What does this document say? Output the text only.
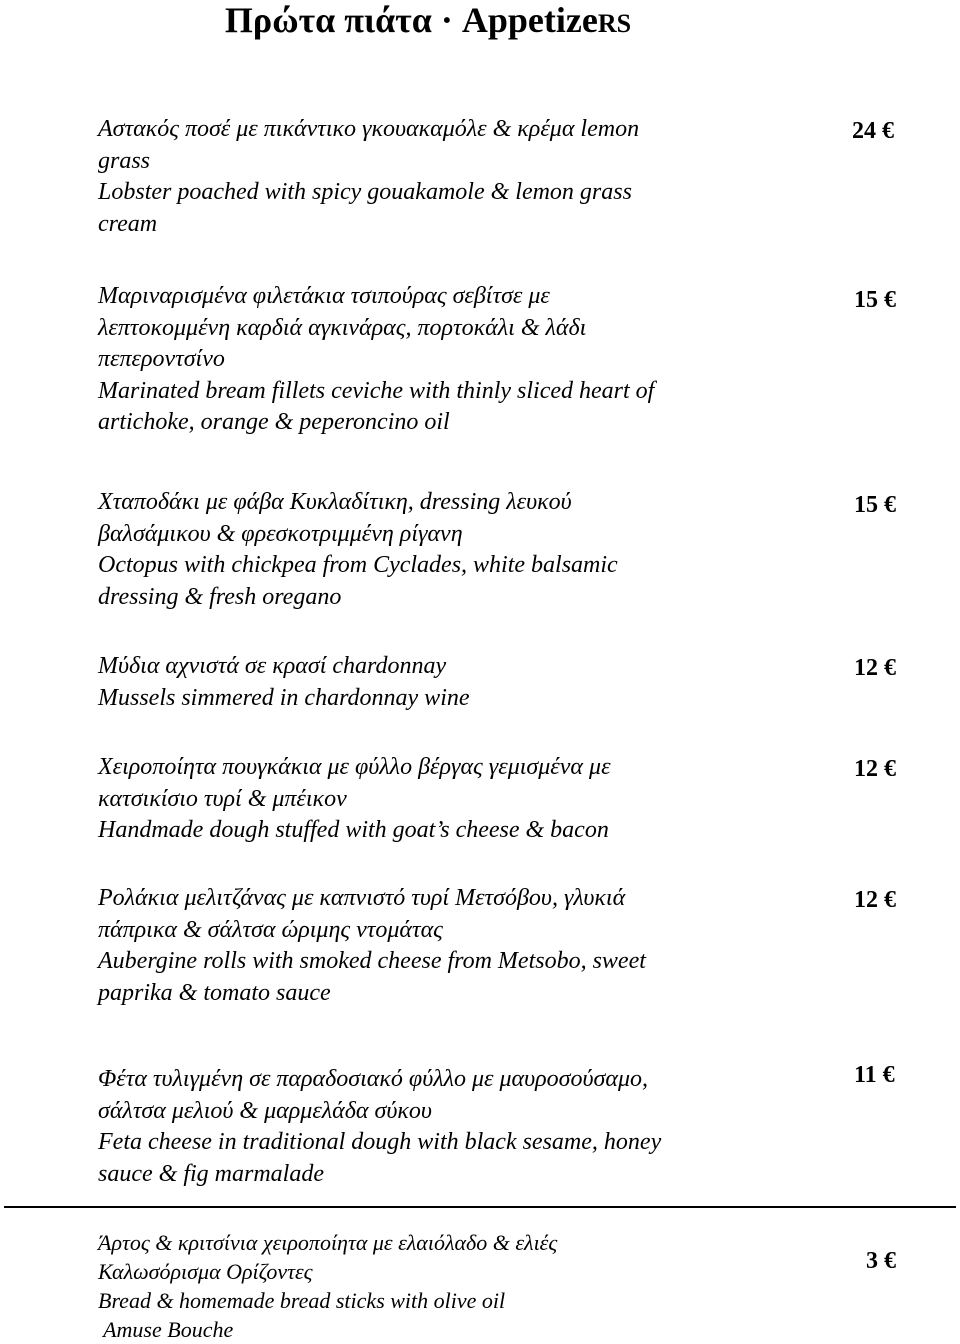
Πρώτα πιάτα · AppetizeRS
Αστακός ποσέ με πικάντικο γκουακαμόλε & κρέμα lemon
grass
Lobster poached with spicy gouakamole & lemon grass
cream
24 €
Μαριναρισμένα φιλετάκια τσιπούρας σεβίτσε με
λεπτοκομμένη καρδιά αγκινάρας, πορτοκάλι & λάδι
πεπεροντσίνο
Marinated bream fillets ceviche with thinly sliced heart of
artichoke, orange & peperoncino oil
15 €
Χταποδάκι με φάβα Κυκλαδίτικη, dressing λευκού
βαλσάμικου & φρεσκοτριμμένη ρίγανη
Octopus with chickpea from Cyclades, white balsamic
dressing & fresh oregano
15 €
Μύδια αχνιστά σε κρασί chardonnay
Mussels simmered in chardonnay wine
12 €
Χειροποίητα πουγκάκια με φύλλο βέργας γεμισμένα με
κατσικίσιο τυρί & μπέικον
Handmade dough stuffed with goat’s cheese & bacon
12 €
Ρολάκια μελιτζάνας με καπνιστό τυρί Μετσόβου, γλυκιά
πάπρικα & σάλτσα ώριμης ντομάτας
Aubergine rolls with smoked cheese from Metsobo, sweet
paprika & tomato sauce
12 €
Φέτα τυλιγμένη σε παραδοσιακό φύλλο με μαυροσούσαμο,
σάλτσα μελιού & μαρμελάδα σύκου
Feta cheese in traditional dough with black sesame, honey
sauce & fig marmalade
11 €
Άρτος & κριτσίνια χειροποίητα με ελαιόλαδο & ελιές
Καλωσόρισμα Ορίζοντες
Bread & homemade bread sticks with olive oil
Amuse Bouche
3 €
